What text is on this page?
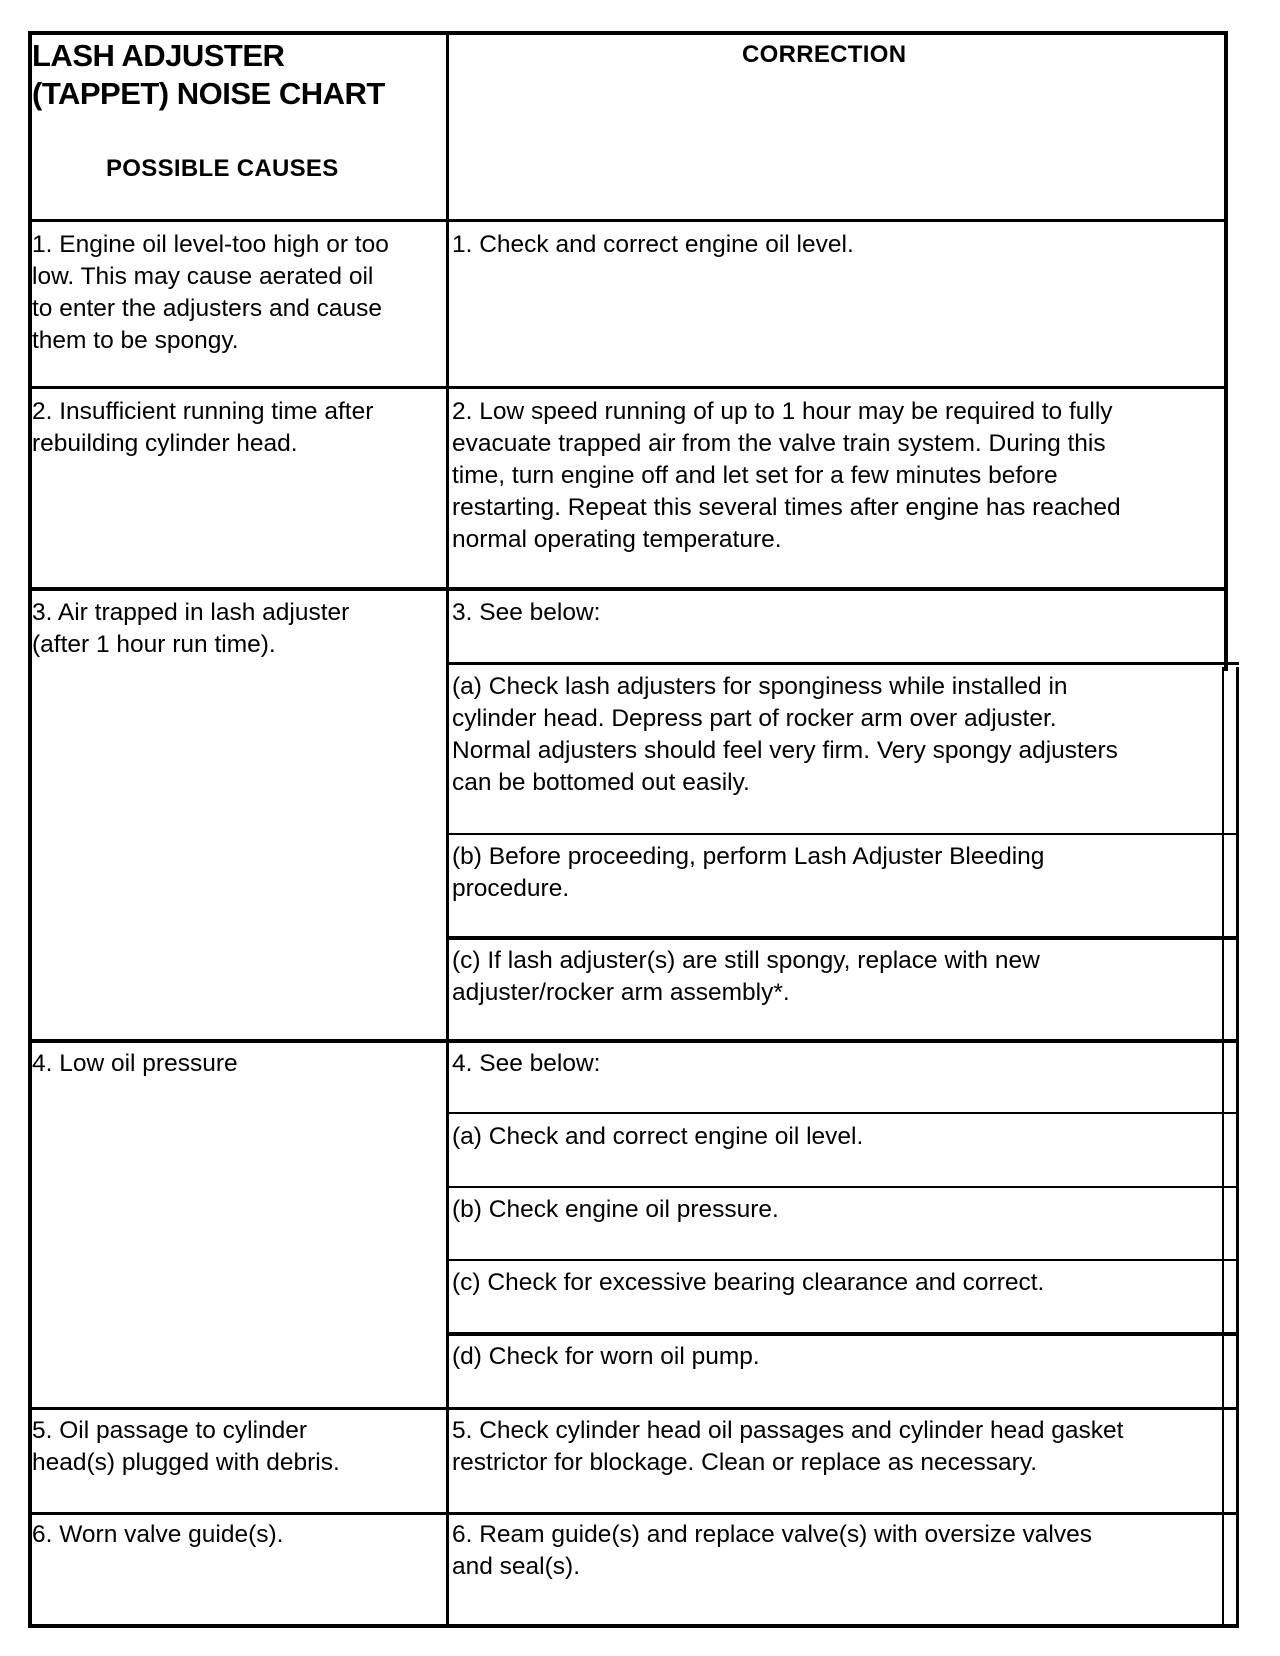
LASH ADJUSTER
(TAPPET) NOISE CHART
POSSIBLE CAUSES
CORRECTION
1. Engine oil level-too high or too
low. This may cause aerated oil
to enter the adjusters and cause
them to be spongy.
1. Check and correct engine oil level.
2. Insufficient running time after
rebuilding cylinder head.
2. Low speed running of up to 1 hour may be required to fully
evacuate trapped air from the valve train system. During this
time, turn engine off and let set for a few minutes before
restarting. Repeat this several times after engine has reached
normal operating temperature.
3. Air trapped in lash adjuster
(after 1 hour run time).
3. See below:
(a) Check lash adjusters for sponginess while installed in
cylinder head. Depress part of rocker arm over adjuster.
Normal adjusters should feel very firm. Very spongy adjusters
can be bottomed out easily.
(b) Before proceeding, perform Lash Adjuster Bleeding
procedure.
(c) If lash adjuster(s) are still spongy, replace with new
adjuster/rocker arm assembly*.
4. Low oil pressure	4. See below:
(a) Check and correct engine oil level.
(b) Check engine oil pressure.
(c) Check for excessive bearing clearance and correct.
(d) Check for worn oil pump.
5. Oil passage to cylinder
head(s) plugged with debris.
5. Check cylinder head oil passages and cylinder head gasket
restrictor for blockage. Clean or replace as necessary.
6. Worn valve guide(s).	6. Ream guide(s) and replace valve(s) with oversize valves
and seal(s).
